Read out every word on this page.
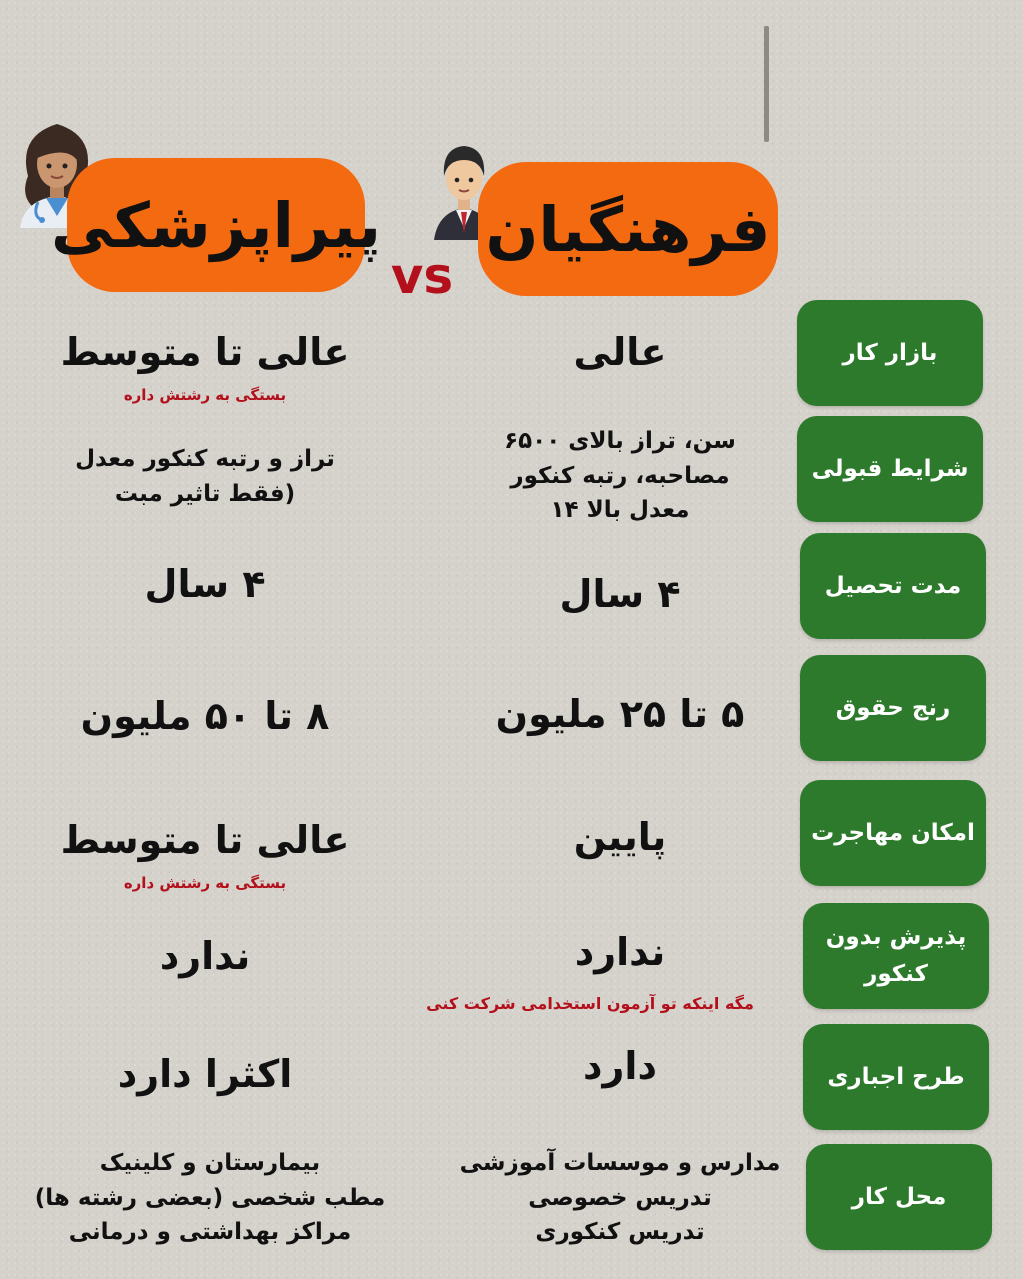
پیراپزشکی
vs
فرهنگیان
بازار کار
عالی
عالی تا متوسط
بستگی به رشتش داره
شرایط قبولی
سن، تراز بالای ۶۵۰۰
مصاحبه، رتبه کنکور
معدل بالا ۱۴
تراز و رتبه کنکور معدل
(فقط تاثیر مبت
مدت تحصیل
۴ سال
۴ سال
رنج حقوق
۵ تا ۲۵ ملیون
۸ تا ۵۰ ملیون
امکان مهاجرت
پایین
عالی تا متوسط
بستگی به رشتش داره
پذیرش بدون
کنکور
ندارد
مگه اینکه تو آزمون استخدامی شرکت کنی
ندارد
طرح اجباری
دارد
اکثرا دارد
محل کار
مدارس و موسسات آموزشی
تدریس خصوصی
تدریس کنکوری
بیمارستان و کلینیک
مطب شخصی (بعضی رشته ها)
مراکز بهداشتی و درمانی
